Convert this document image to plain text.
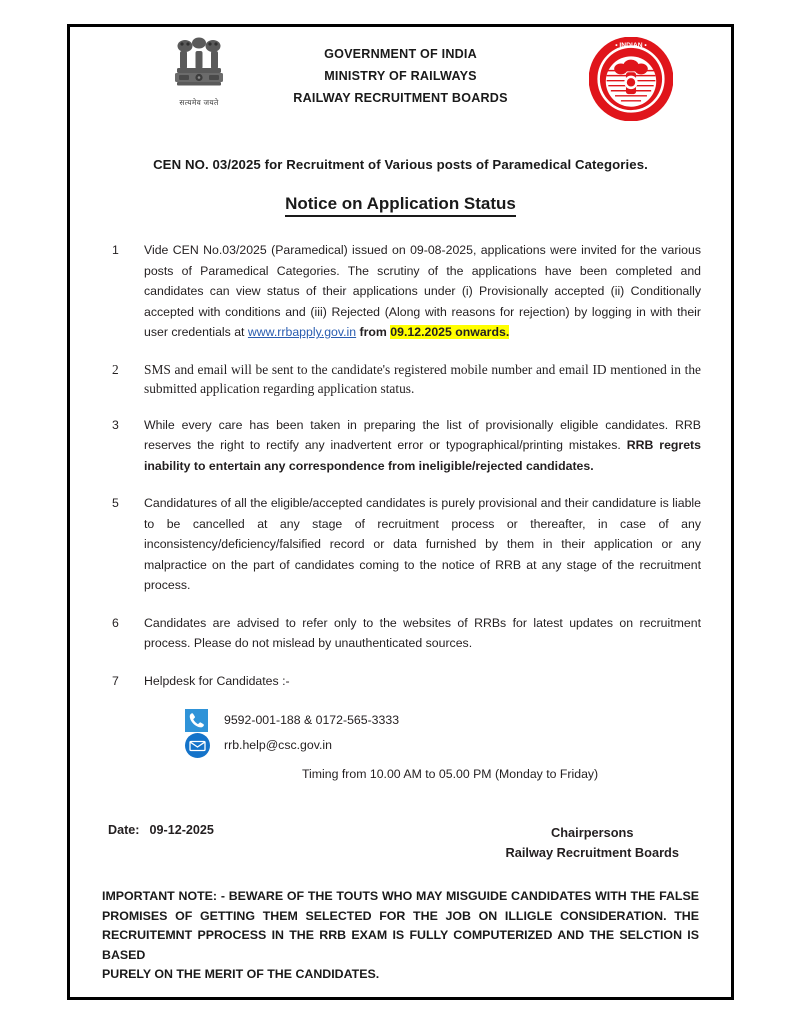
सत्यमेव जयते
GOVERNMENT OF INDIA
MINISTRY OF RAILWAYS
RAILWAY RECRUITMENT BOARDS
• INDIAN •
CEN NO. 03/2025 for Recruitment of Various posts of Paramedical Categories.
Notice on Application Status
1 Vide CEN No.03/2025 (Paramedical) issued on 09-08-2025, applications were invited for the various posts of Paramedical Categories. The scrutiny of the applications have been completed and candidates can view status of their applications under (i) Provisionally accepted (ii) Conditionally accepted with conditions and (iii) Rejected (Along with reasons for rejection) by logging in with their user credentials at www.rrbapply.gov.in from 09.12.2025 onwards.
2 SMS and email will be sent to the candidate's registered mobile number and email ID mentioned in the submitted application regarding application status.
3 While every care has been taken in preparing the list of provisionally eligible candidates. RRB reserves the right to rectify any inadvertent error or typographical/printing mistakes. RRB regrets inability to entertain any correspondence from ineligible/rejected candidates.
5 Candidatures of all the eligible/accepted candidates is purely provisional and their candidature is liable to be cancelled at any stage of recruitment process or thereafter, in case of any inconsistency/deficiency/falsified record or data furnished by them in their application or any malpractice on the part of candidates coming to the notice of RRB at any stage of the recruitment process.
6 Candidates are advised to refer only to the websites of RRBs for latest updates on recruitment process. Please do not mislead by unauthenticated sources.
7 Helpdesk for Candidates :-
9592-001-188 & 0172-565-3333
rrb.help@csc.gov.in
Timing from 10.00 AM to 05.00 PM (Monday to Friday)
Date: 09-12-2025	Chairpersons
Railway Recruitment Boards
IMPORTANT NOTE: - BEWARE OF THE TOUTS WHO MAY MISGUIDE CANDIDATES WITH THE FALSE PROMISES OF GETTING THEM SELECTED FOR THE JOB ON ILLIGLE CONSIDERATION. THE RECRUITEMNT PPROCESS IN THE RRB EXAM IS FULLY COMPUTERIZED AND THE SELCTION IS BASED
PURELY ON THE MERIT OF THE CANDIDATES.
